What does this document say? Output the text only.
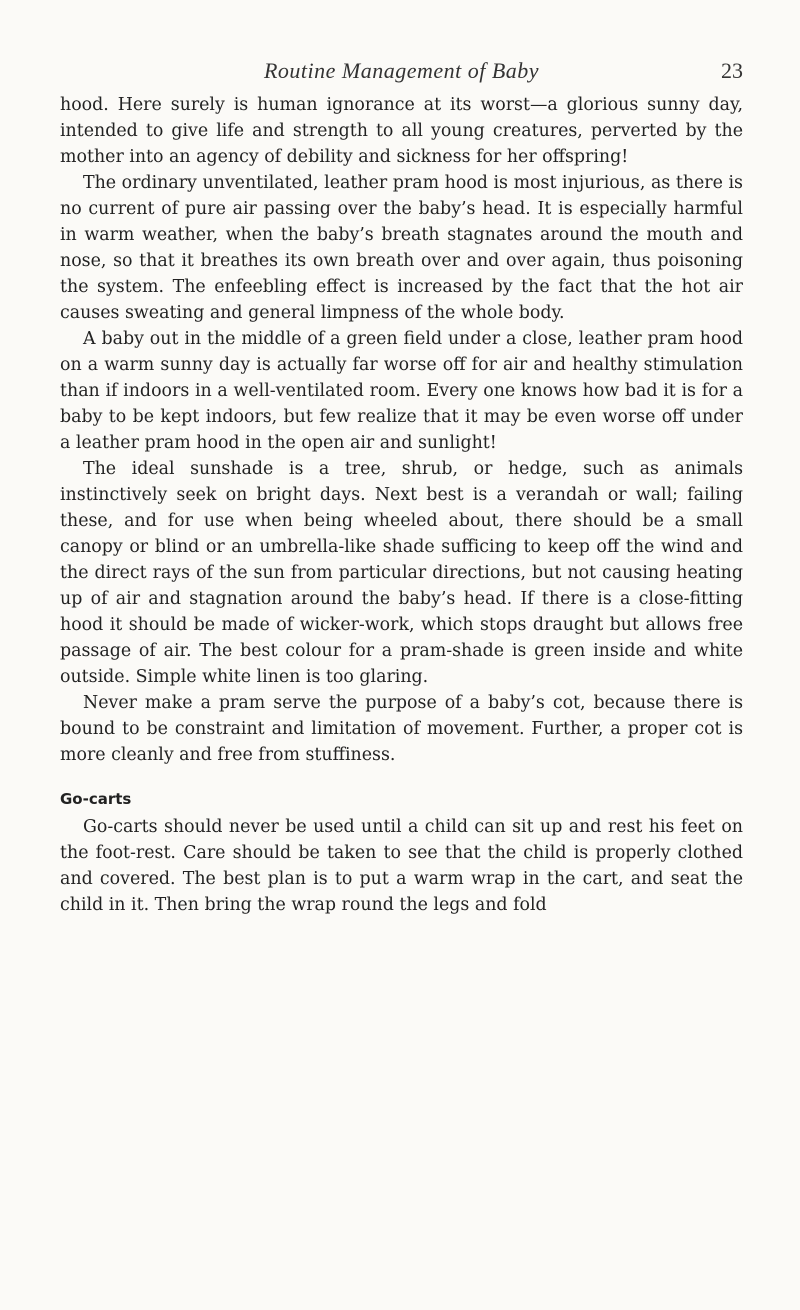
Routine Management of Baby	23

hood. Here surely is human ignorance at its worst—a glorious sunny day, intended to give life and strength to all young creatures, perverted by the mother into an agency of debility and sickness for her offspring!

The ordinary unventilated, leather pram hood is most injurious, as there is no current of pure air passing over the baby’s head. It is especially harmful in warm weather, when the baby’s breath stagnates around the mouth and nose, so that it breathes its own breath over and over again, thus poisoning the system. The enfeebling effect is increased by the fact that the hot air causes sweating and general limpness of the whole body.

A baby out in the middle of a green field under a close, leather pram hood on a warm sunny day is actually far worse off for air and healthy stimulation than if indoors in a well-ventilated room. Every one knows how bad it is for a baby to be kept indoors, but few realize that it may be even worse off under a leather pram hood in the open air and sunlight!

The ideal sunshade is a tree, shrub, or hedge, such as animals instinctively seek on bright days. Next best is a verandah or wall; failing these, and for use when being wheeled about, there should be a small canopy or blind or an umbrella-like shade sufficing to keep off the wind and the direct rays of the sun from particular directions, but not causing heating up of air and stagnation around the baby’s head. If there is a close-fitting hood it should be made of wicker-work, which stops draught but allows free passage of air. The best colour for a pram-shade is green inside and white outside. Simple white linen is too glaring.

Never make a pram serve the purpose of a baby’s cot, because there is bound to be constraint and limitation of movement. Further, a proper cot is more cleanly and free from stuffiness.

Go-carts

Go-carts should never be used until a child can sit up and rest his feet on the foot-rest. Care should be taken to see that the child is properly clothed and covered. The best plan is to put a warm wrap in the cart, and seat the child in it. Then bring the wrap round the legs and fold
